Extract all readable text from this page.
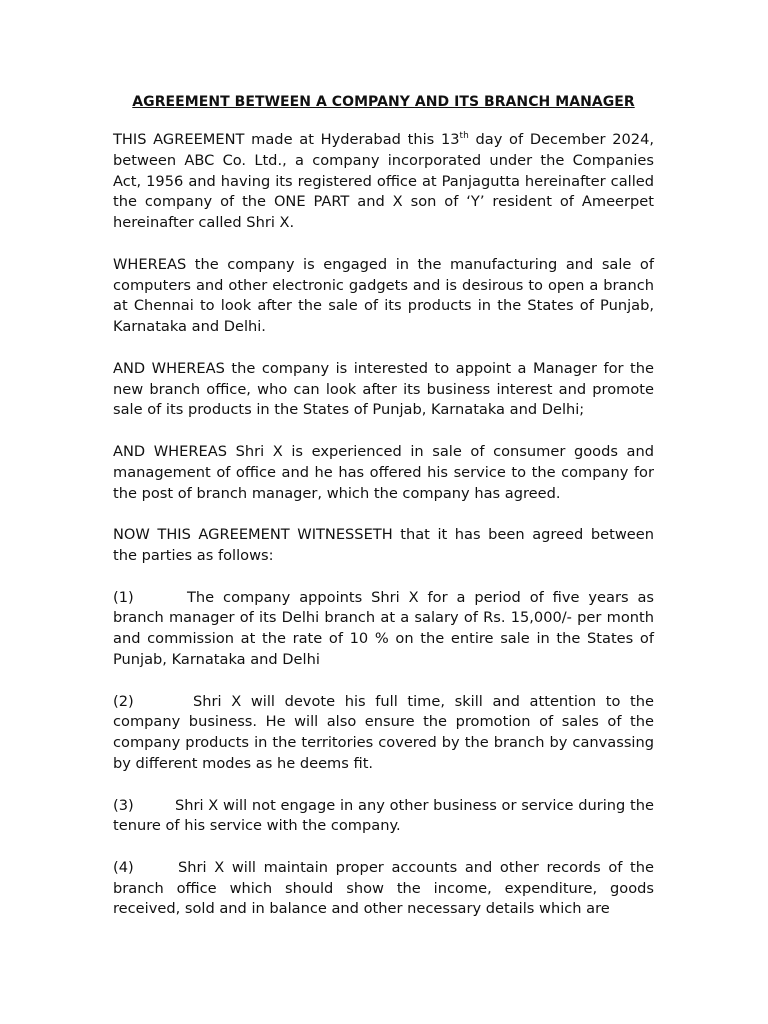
AGREEMENT BETWEEN A COMPANY AND ITS BRANCH MANAGER

THIS AGREEMENT made at Hyderabad this 13th day of December 2024, between ABC Co. Ltd., a company incorporated under the Companies Act, 1956 and having its registered office at Panjagutta hereinafter called the company of the ONE PART and X son of ‘Y’ resident of Ameerpet hereinafter called Shri X.

WHEREAS the company is engaged in the manufacturing and sale of computers and other electronic gadgets and is desirous to open a branch at Chennai to look after the sale of its products in the States of Punjab, Karnataka and Delhi.

AND WHEREAS the company is interested to appoint a Manager for the new branch office, who can look after its business interest and promote sale of its products in the States of Punjab, Karnataka and Delhi;

AND WHEREAS Shri X is experienced in sale of consumer goods and management of office and he has offered his service to the company for the post of branch manager, which the company has agreed.

NOW THIS AGREEMENT WITNESSETH that it has been agreed between the parties as follows:

(1)	The company appoints Shri X for a period of five years as branch manager of its Delhi branch at a salary of Rs. 15,000/- per month and commission at the rate of 10 % on the entire sale in the States of Punjab, Karnataka and Delhi

(2)	Shri X will devote his full time, skill and attention to the company business. He will also ensure the promotion of sales of the company products in the territories covered by the branch by canvassing by different modes as he deems fit.

(3)	Shri X will not engage in any other business or service during the tenure of his service with the company.

(4)	Shri X will maintain proper accounts and other records of the branch office which should show the income, expenditure, goods received, sold and in balance and other necessary details which are
